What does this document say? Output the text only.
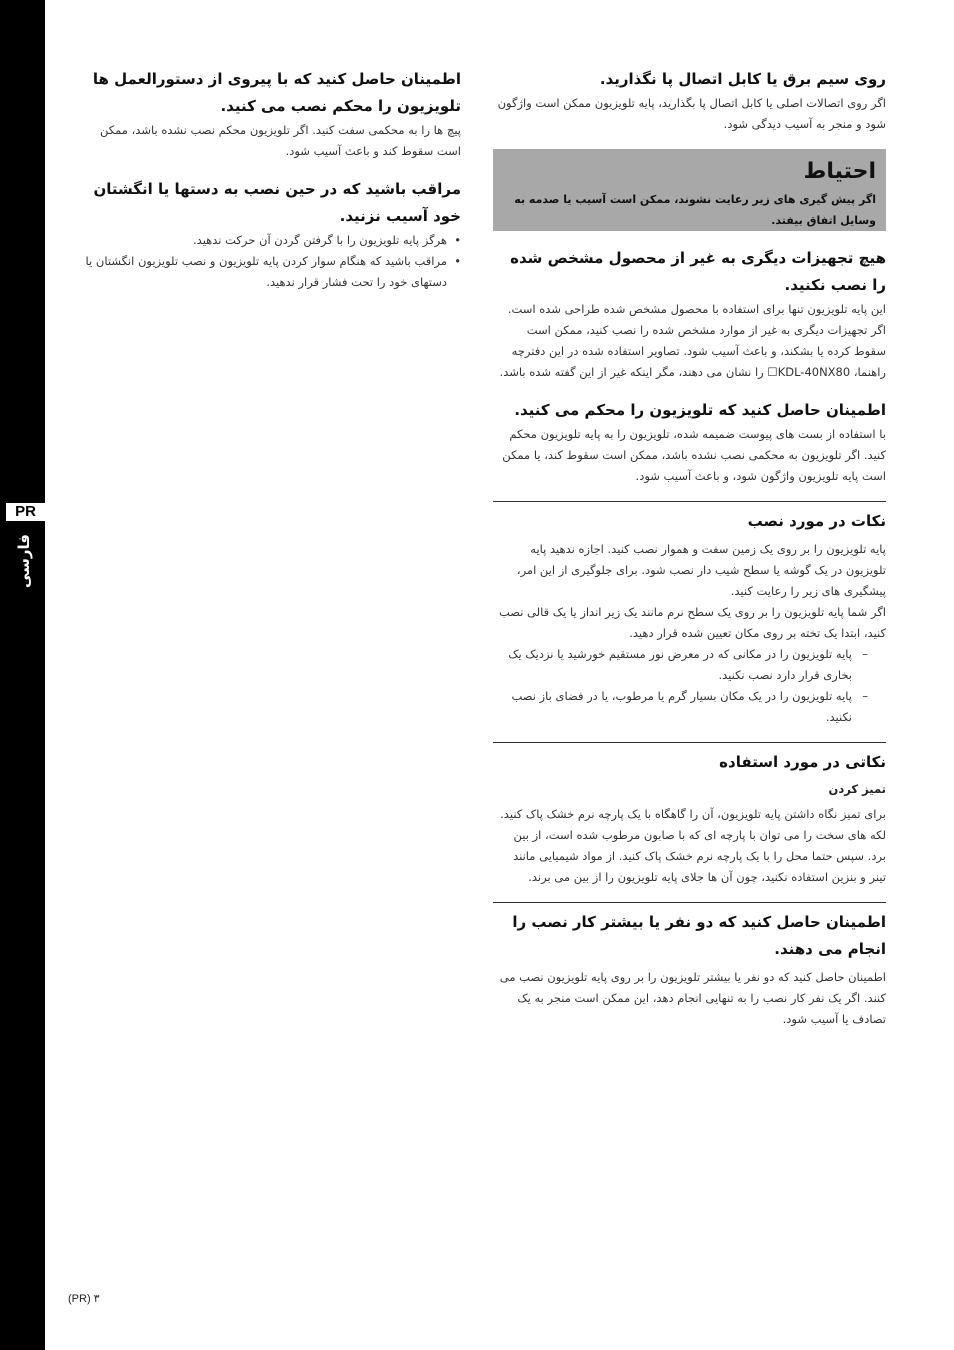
PR
فارسی
روی سیم برق یا کابل اتصال پا نگذارید.

اگر روی اتصالات اصلی یا کابل اتصال پا بگذارید، پایه تلویزیون ممکن است واژگون شود و منجر به آسیب دیدگی شود.

احتیاط
اگر پیش گیری های زیر رعایت نشوند، ممکن است آسیب یا صدمه به وسایل اتفاق بیفتد.
هیچ تجهیزات دیگری به غیر از محصول مشخص شده را نصب نکنید.

این پایه تلویزیون تنها برای استفاده با محصول مشخص شده طراحی شده است. اگر تجهیزات دیگری به غیر از موارد مشخص شده را نصب کنید، ممکن است سقوط کرده یا بشکند، و باعث آسیب شود. تصاویر استفاده شده در این دفترچه راهنما، KDL-40NX80☐ را نشان می دهند، مگر اینکه غیر از این گفته شده باشد.

اطمینان حاصل کنید که تلویزیون را محکم می کنید.

با استفاده از بست های پیوست ضمیمه شده، تلویزیون را به پایه تلویزیون محکم کنید. اگر تلویزیون به محکمی نصب نشده باشد، ممکن است سقوط کند، یا ممکن است پایه تلویزیون واژگون شود، و باعث آسیب شود.

نکات در مورد نصب

پایه تلویزیون را بر روی یک زمین سفت و هموار نصب کنید. اجازه ندهید پایه تلویزیون در یک گوشه یا سطح شیب دار نصب شود. برای جلوگیری از این امر، پیشگیری های زیر را رعایت کنید.

اگر شما پایه تلویزیون را بر روی یک سطح نرم مانند یک زیر انداز یا یک قالی نصب کنید، ابتدا یک تخته بر روی مکان تعیین شده قرار دهید.

– پایه تلویزیون را در مکانی که در معرض نور مستقیم خورشید یا نزدیک یک بخاری قرار دارد نصب نکنید.
– پایه تلویزیون را در یک مکان بسیار گرم یا مرطوب، یا در فضای باز نصب نکنید.
نکاتی در مورد استفاده
تمیز کردن

برای تمیز نگاه داشتن پایه تلویزیون، آن را گاهگاه با یک پارچه نرم خشک پاک کنید. لکه های سخت را می توان با پارچه ای که با صابون مرطوب شده است، از بین برد. سپس حتما محل را با یک پارچه نرم خشک پاک کنید. از مواد شیمیایی مانند تینر و بنزین استفاده نکنید، چون آن ها جلای پایه تلویزیون را از بین می برند.

اطمینان حاصل کنید که دو نفر یا بیشتر کار نصب را انجام می دهند.

اطمینان حاصل کنید که دو نفر یا بیشتر تلویزیون را بر روی پایه تلویزیون نصب می کنند. اگر یک نفر کار نصب را به تنهایی انجام دهد، این ممکن است منجر به یک تصادف یا آسیب شود.

اطمینان حاصل کنید که با پیروی از دستورالعمل ها تلویزیون را محکم نصب می کنید.

پیچ ها را به محکمی سفت کنید. اگر تلویزیون محکم نصب نشده باشد، ممکن است سقوط کند و باعث آسیب شود.

مراقب باشید که در حین نصب به دستها یا انگشتان خود آسیب نزنید.
• هرگز پایه تلویزیون را با گرفتن گردن آن حرکت ندهید.
• مراقب باشید که هنگام سوار کردن پایه تلویزیون و نصب تلویزیون انگشتان یا دستهای خود را تحت فشار قرار ندهید.
(PR) ۳
